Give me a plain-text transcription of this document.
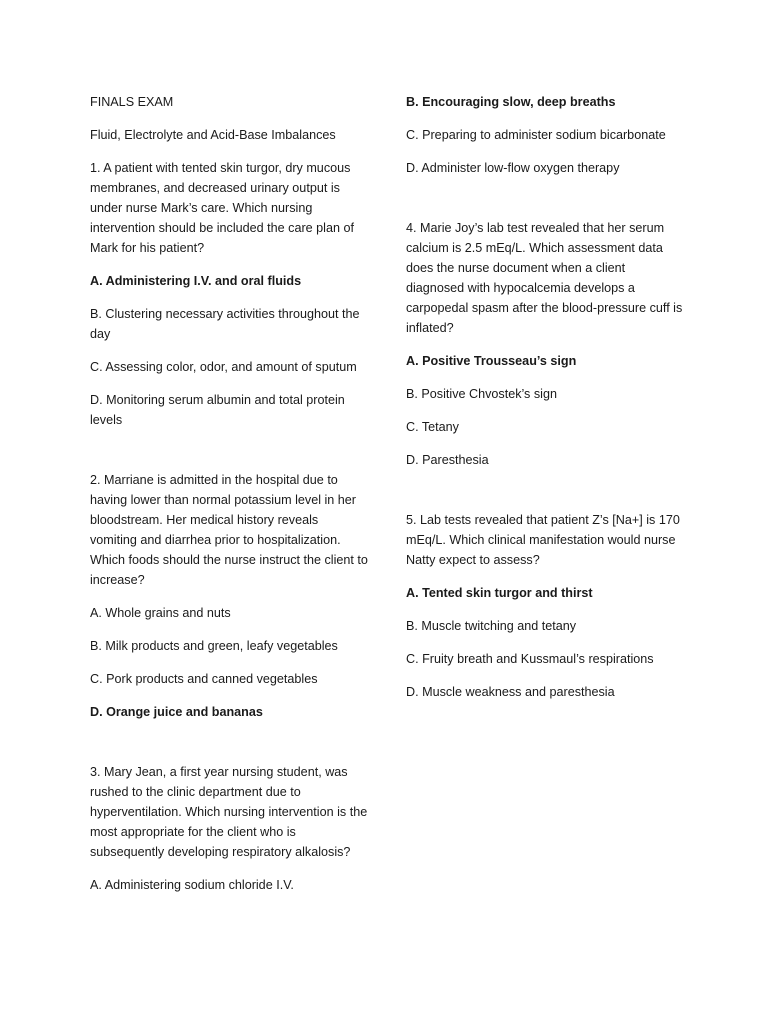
FINALS EXAM

Fluid, Electrolyte and Acid-Base Imbalances

1. A patient with tented skin turgor, dry mucous membranes, and decreased urinary output is under nurse Mark’s care. Which nursing intervention should be included the care plan of Mark for his patient?

A. Administering I.V. and oral fluids

B. Clustering necessary activities throughout the day

C. Assessing color, odor, and amount of sputum

D. Monitoring serum albumin and total protein levels

2. Marriane is admitted in the hospital due to having lower than normal potassium level in her bloodstream. Her medical history reveals vomiting and diarrhea prior to hospitalization. Which foods should the nurse instruct the client to increase?

A. Whole grains and nuts

B. Milk products and green, leafy vegetables

C. Pork products and canned vegetables

D. Orange juice and bananas

3. Mary Jean, a first year nursing student, was rushed to the clinic department due to hyperventilation. Which nursing intervention is the most appropriate for the client who is subsequently developing respiratory alkalosis?

A. Administering sodium chloride I.V.

B. Encouraging slow, deep breaths

C. Preparing to administer sodium bicarbonate

D. Administer low-flow oxygen therapy

4. Marie Joy’s lab test revealed that her serum calcium is 2.5 mEq/L. Which assessment data does the nurse document when a client diagnosed with hypocalcemia develops a carpopedal spasm after the blood-pressure cuff is inflated?

A. Positive Trousseau’s sign

B. Positive Chvostek’s sign

C. Tetany

D. Paresthesia

5. Lab tests revealed that patient Z’s [Na+] is 170 mEq/L. Which clinical manifestation would nurse Natty expect to assess?

A. Tented skin turgor and thirst

B. Muscle twitching and tetany

C. Fruity breath and Kussmaul’s respirations

D. Muscle weakness and paresthesia
